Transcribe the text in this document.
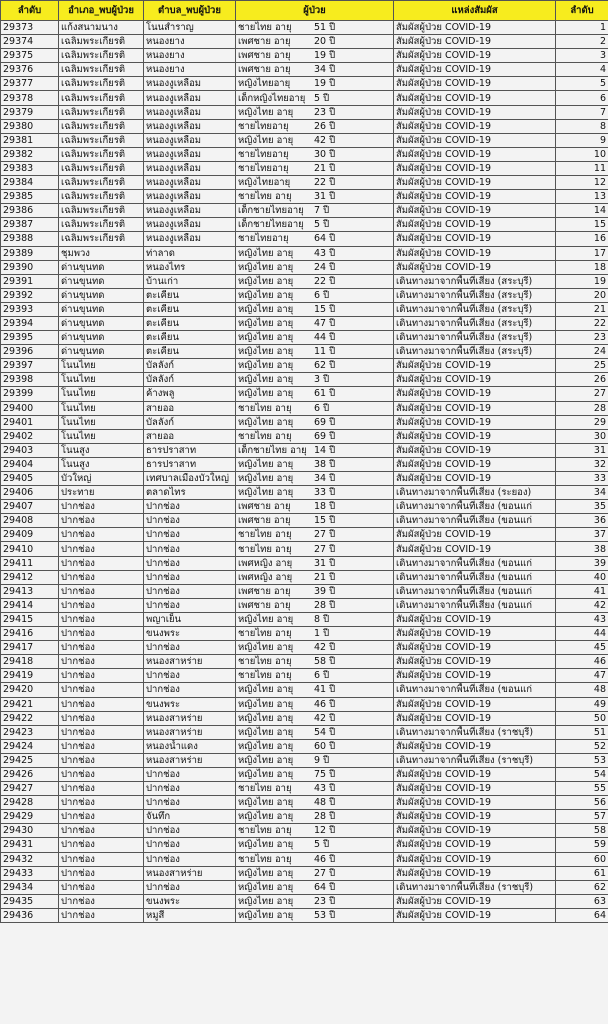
ลำดับ	อำเภอ_พบผู้ป่วย	ตำบล_พบผู้ป่วย	ผู้ป่วย	แหล่งสัมผัส	ลำดับ
29373	แก้งสนามนาง	โนนสำราญ	ชายไทย อายุ 51 ปี	สัมผัสผู้ป่วย COVID-19	1
29374	เฉลิมพระเกียรติ	หนองยาง	เพศชาย อายุ 20 ปี	สัมผัสผู้ป่วย COVID-19	2
29375	เฉลิมพระเกียรติ	หนองยาง	เพศชาย อายุ 19 ปี	สัมผัสผู้ป่วย COVID-19	3
29376	เฉลิมพระเกียรติ	หนองยาง	เพศชาย อายุ 34 ปี	สัมผัสผู้ป่วย COVID-19	4
29377	เฉลิมพระเกียรติ	หนองงูเหลือม	หญิงไทยอายุ 19 ปี	สัมผัสผู้ป่วย COVID-19	5
29378	เฉลิมพระเกียรติ	หนองงูเหลือม	เด็กหญิงไทยอายุ 5 ปี	สัมผัสผู้ป่วย COVID-19	6
29379	เฉลิมพระเกียรติ	หนองงูเหลือม	หญิงไทย อายุ 23 ปี	สัมผัสผู้ป่วย COVID-19	7
29380	เฉลิมพระเกียรติ	หนองงูเหลือม	ชายไทยอายุ 26 ปี	สัมผัสผู้ป่วย COVID-19	8
29381	เฉลิมพระเกียรติ	หนองงูเหลือม	หญิงไทย อายุ 42 ปี	สัมผัสผู้ป่วย COVID-19	9
29382	เฉลิมพระเกียรติ	หนองงูเหลือม	ชายไทยอายุ 30 ปี	สัมผัสผู้ป่วย COVID-19	10
29383	เฉลิมพระเกียรติ	หนองงูเหลือม	ชายไทยอายุ 21 ปี	สัมผัสผู้ป่วย COVID-19	11
29384	เฉลิมพระเกียรติ	หนองงูเหลือม	หญิงไทยอายุ 22 ปี	สัมผัสผู้ป่วย COVID-19	12
29385	เฉลิมพระเกียรติ	หนองงูเหลือม	ชายไทย อายุ 31 ปี	สัมผัสผู้ป่วย COVID-19	13
29386	เฉลิมพระเกียรติ	หนองงูเหลือม	เด็กชายไทยอายุ 7 ปี	สัมผัสผู้ป่วย COVID-19	14
29387	เฉลิมพระเกียรติ	หนองงูเหลือม	เด็กชายไทยอายุ 5 ปี	สัมผัสผู้ป่วย COVID-19	15
29388	เฉลิมพระเกียรติ	หนองงูเหลือม	ชายไทยอายุ 64 ปี	สัมผัสผู้ป่วย COVID-19	16
29389	ชุมพวง	ท่าลาด	หญิงไทย อายุ 43 ปี	สัมผัสผู้ป่วย COVID-19	17
29390	ด่านขุนทด	หนองไทร	หญิงไทย อายุ 24 ปี	สัมผัสผู้ป่วย COVID-19	18
29391	ด่านขุนทด	บ้านเก่า	หญิงไทย อายุ 22 ปี	เดินทางมาจากพื้นที่เสี่ยง (สระบุรี)	19
29392	ด่านขุนทด	ตะเคียน	หญิงไทย อายุ 6 ปี	เดินทางมาจากพื้นที่เสี่ยง (สระบุรี)	20
29393	ด่านขุนทด	ตะเคียน	หญิงไทย อายุ 15 ปี	เดินทางมาจากพื้นที่เสี่ยง (สระบุรี)	21
29394	ด่านขุนทด	ตะเคียน	หญิงไทย อายุ 47 ปี	เดินทางมาจากพื้นที่เสี่ยง (สระบุรี)	22
29395	ด่านขุนทด	ตะเคียน	หญิงไทย อายุ 44 ปี	เดินทางมาจากพื้นที่เสี่ยง (สระบุรี)	23
29396	ด่านขุนทด	ตะเคียน	หญิงไทย อายุ 11 ปี	เดินทางมาจากพื้นที่เสี่ยง (สระบุรี)	24
29397	โนนไทย	บัลลังก์	หญิงไทย อายุ 62 ปี	สัมผัสผู้ป่วย COVID-19	25
29398	โนนไทย	บัลลังก์	หญิงไทย อายุ 3 ปี	สัมผัสผู้ป่วย COVID-19	26
29399	โนนไทย	ค้างพลู	หญิงไทย อายุ 61 ปี	สัมผัสผู้ป่วย COVID-19	27
29400	โนนไทย	สายออ	ชายไทย อายุ 6 ปี	สัมผัสผู้ป่วย COVID-19	28
29401	โนนไทย	บัลลังก์	หญิงไทย อายุ 69 ปี	สัมผัสผู้ป่วย COVID-19	29
29402	โนนไทย	สายออ	ชายไทย อายุ 69 ปี	สัมผัสผู้ป่วย COVID-19	30
29403	โนนสูง	ธารปราสาท	เด็กชายไทย อายุ 14 ปี	สัมผัสผู้ป่วย COVID-19	31
29404	โนนสูง	ธารปราสาท	หญิงไทย อายุ 38 ปี	สัมผัสผู้ป่วย COVID-19	32
29405	บัวใหญ่	เทศบาลเมืองบัวใหญ่	หญิงไทย อายุ 34 ปี	สัมผัสผู้ป่วย COVID-19	33
29406	ประทาย	ตลาดไทร	หญิงไทย อายุ 33 ปี	เดินทางมาจากพื้นที่เสี่ยง (ระยอง)	34
29407	ปากช่อง	ปากช่อง	เพศชาย อายุ 18 ปี	เดินทางมาจากพื้นที่เสี่ยง (ขอนแก่	35
29408	ปากช่อง	ปากช่อง	เพศชาย อายุ 15 ปี	เดินทางมาจากพื้นที่เสี่ยง (ขอนแก่	36
29409	ปากช่อง	ปากช่อง	ชายไทย อายุ 27 ปี	สัมผัสผู้ป่วย COVID-19	37
29410	ปากช่อง	ปากช่อง	ชายไทย อายุ 27 ปี	สัมผัสผู้ป่วย COVID-19	38
29411	ปากช่อง	ปากช่อง	เพศหญิง อายุ 31 ปี	เดินทางมาจากพื้นที่เสี่ยง (ขอนแก่	39
29412	ปากช่อง	ปากช่อง	เพศหญิง อายุ 21 ปี	เดินทางมาจากพื้นที่เสี่ยง (ขอนแก่	40
29413	ปากช่อง	ปากช่อง	เพศชาย อายุ 39 ปี	เดินทางมาจากพื้นที่เสี่ยง (ขอนแก่	41
29414	ปากช่อง	ปากช่อง	เพศชาย อายุ 28 ปี	เดินทางมาจากพื้นที่เสี่ยง (ขอนแก่	42
29415	ปากช่อง	พญาเย็น	หญิงไทย อายุ 8 ปี	สัมผัสผู้ป่วย COVID-19	43
29416	ปากช่อง	ขนงพระ	ชายไทย อายุ 1 ปี	สัมผัสผู้ป่วย COVID-19	44
29417	ปากช่อง	ปากช่อง	หญิงไทย อายุ 42 ปี	สัมผัสผู้ป่วย COVID-19	45
29418	ปากช่อง	หนองสาหร่าย	ชายไทย อายุ 58 ปี	สัมผัสผู้ป่วย COVID-19	46
29419	ปากช่อง	ปากช่อง	ชายไทย อายุ 6 ปี	สัมผัสผู้ป่วย COVID-19	47
29420	ปากช่อง	ปากช่อง	หญิงไทย อายุ 41 ปี	เดินทางมาจากพื้นที่เสี่ยง (ขอนแก่	48
29421	ปากช่อง	ขนงพระ	หญิงไทย อายุ 46 ปี	สัมผัสผู้ป่วย COVID-19	49
29422	ปากช่อง	หนองสาหร่าย	หญิงไทย อายุ 42 ปี	สัมผัสผู้ป่วย COVID-19	50
29423	ปากช่อง	หนองสาหร่าย	หญิงไทย อายุ 54 ปี	เดินทางมาจากพื้นที่เสี่ยง (ราชบุรี)	51
29424	ปากช่อง	หนองน้ำแดง	หญิงไทย อายุ 60 ปี	สัมผัสผู้ป่วย COVID-19	52
29425	ปากช่อง	หนองสาหร่าย	หญิงไทย อายุ 9 ปี	เดินทางมาจากพื้นที่เสี่ยง (ราชบุรี)	53
29426	ปากช่อง	ปากช่อง	หญิงไทย อายุ 75 ปี	สัมผัสผู้ป่วย COVID-19	54
29427	ปากช่อง	ปากช่อง	ชายไทย อายุ 43 ปี	สัมผัสผู้ป่วย COVID-19	55
29428	ปากช่อง	ปากช่อง	หญิงไทย อายุ 48 ปี	สัมผัสผู้ป่วย COVID-19	56
29429	ปากช่อง	จันทึก	หญิงไทย อายุ 28 ปี	สัมผัสผู้ป่วย COVID-19	57
29430	ปากช่อง	ปากช่อง	ชายไทย อายุ 12 ปี	สัมผัสผู้ป่วย COVID-19	58
29431	ปากช่อง	ปากช่อง	หญิงไทย อายุ 5 ปี	สัมผัสผู้ป่วย COVID-19	59
29432	ปากช่อง	ปากช่อง	ชายไทย อายุ 46 ปี	สัมผัสผู้ป่วย COVID-19	60
29433	ปากช่อง	หนองสาหร่าย	หญิงไทย อายุ 27 ปี	สัมผัสผู้ป่วย COVID-19	61
29434	ปากช่อง	ปากช่อง	หญิงไทย อายุ 64 ปี	เดินทางมาจากพื้นที่เสี่ยง (ราชบุรี)	62
29435	ปากช่อง	ขนงพระ	หญิงไทย อายุ 23 ปี	สัมผัสผู้ป่วย COVID-19	63
29436	ปากช่อง	หมูสี	หญิงไทย อายุ 53 ปี	สัมผัสผู้ป่วย COVID-19	64
